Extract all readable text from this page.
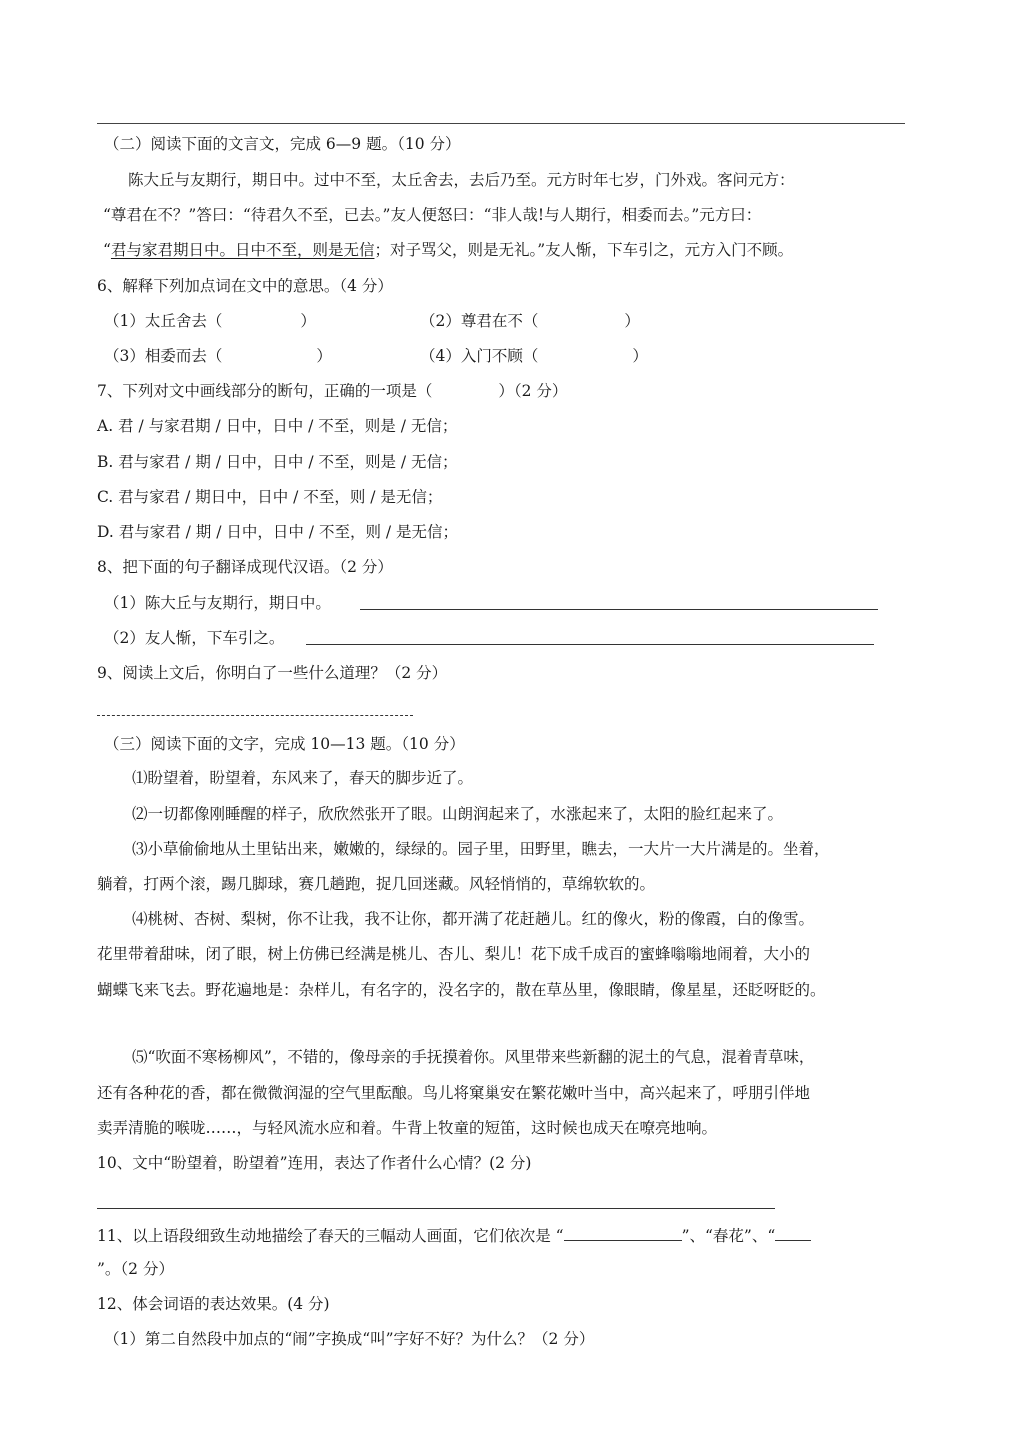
（二）阅读下面的文言文，完成 6—9 题。（10 分）
陈大丘与友期行，期日中。过中不至，太丘舍去，去后乃至。元方时年七岁，门外戏。客问元方：
“尊君在不？”答曰：“待君久不至，已去。”友人便怒曰：“非人哉!与人期行，相委而去。”元方曰：
“君与家君期日中。日中不至，则是无信；对子骂父，则是无礼。”友人惭，下车引之，元方入门不顾。
6、解释下列加点词在文中的意思。（4 分）
（1）太丘舍去（	）	（2）尊君在不（	）
（3）相委而去（	）	（4）入门不顾（	）
7、下列对文中画线部分的断句，正确的一项是（	）（2 分）
A. 君 / 与家君期 / 日中，日中 / 不至，则是 / 无信；
B. 君与家君 / 期 / 日中，日中 / 不至，则是 / 无信；
C. 君与家君 / 期日中，日中 / 不至，则 / 是无信；
D. 君与家君 / 期 / 日中，日中 / 不至，则 / 是无信；
8、把下面的句子翻译成现代汉语。（2 分）
（1）陈大丘与友期行，期日中。
（2）友人惭，下车引之。
9、阅读上文后，你明白了一些什么道理？（2 分）
（三）阅读下面的文字，完成 10—13 题。（10 分）
⑴盼望着，盼望着，东风来了，春天的脚步近了。
⑵一切都像刚睡醒的样子，欣欣然张开了眼。山朗润起来了，水涨起来了，太阳的脸红起来了。
⑶小草偷偷地从土里钻出来，嫩嫩的，绿绿的。园子里，田野里，瞧去，一大片一大片满是的。坐着，
躺着，打两个滚，踢几脚球，赛几趟跑，捉几回迷藏。风轻悄悄的，草绵软软的。
⑷桃树、杏树、梨树，你不让我，我不让你，都开满了花赶趟儿。红的像火，粉的像霞，白的像雪。
花里带着甜味，闭了眼，树上仿佛已经满是桃儿、杏儿、梨儿！花下成千成百的蜜蜂嗡嗡地闹着，大小的
蝴蝶飞来飞去。野花遍地是：杂样儿，有名字的，没名字的，散在草丛里，像眼睛，像星星，还眨呀眨的。
⑸“吹面不寒杨柳风”，不错的，像母亲的手抚摸着你。风里带来些新翻的泥土的气息，混着青草味，
还有各种花的香，都在微微润湿的空气里酝酿。鸟儿将窠巢安在繁花嫩叶当中，高兴起来了，呼朋引伴地
卖弄清脆的喉咙……，与轻风流水应和着。牛背上牧童的短笛，这时候也成天在嘹亮地响。
10、文中“盼望着，盼望着”连用，表达了作者什么心情？(2 分)
11、以上语段细致生动地描绘了春天的三幅动人画面，它们依次是 “	”、“春花”、“
”。（2 分）
12、体会词语的表达效果。(4 分)
（1）第二自然段中加点的“闹”字换成“叫”字好不好？为什么？（2 分）
